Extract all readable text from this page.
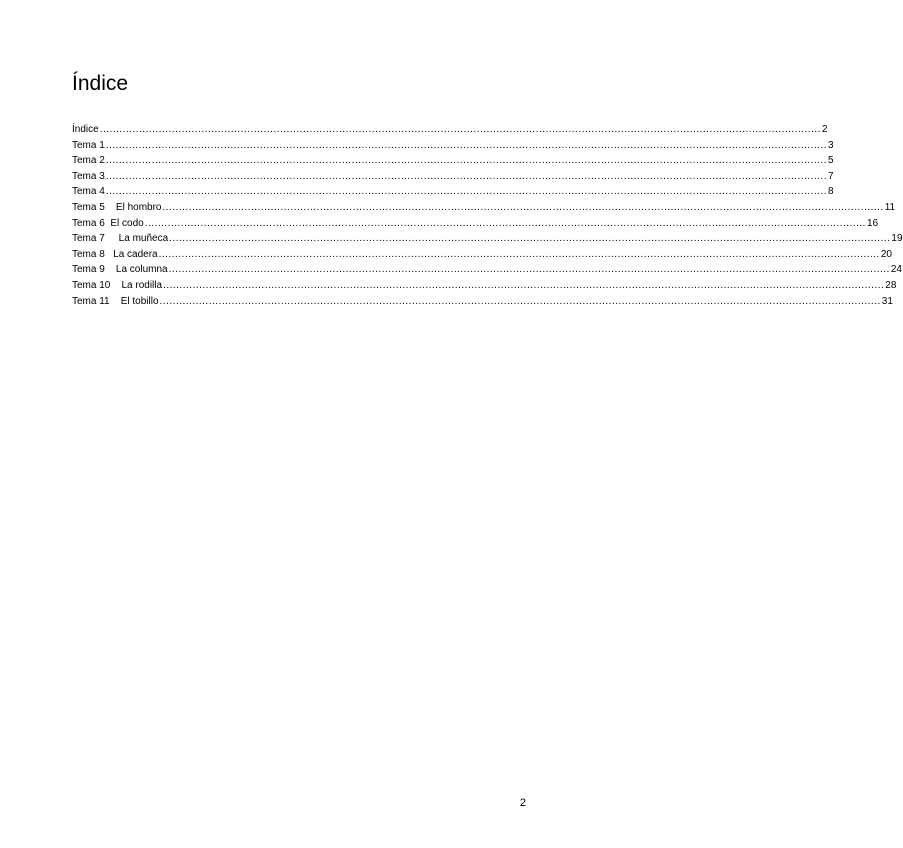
Índice
Índice ............................................................................................................................................................................................................................ 2
Tema 1 ............................................................................................................................................................................................................................ 3
Tema 2 ............................................................................................................................................................................................................................ 5
Tema 3 ............................................................................................................................................................................................................................ 7
Tema 4 ............................................................................................................................................................................................................................ 8
Tema 5    El hombro ............................................................................................................................................................................................................................ 11
Tema 6  El codo ............................................................................................................................................................................................................................ 16
Tema 7     La muñeca ............................................................................................................................................................................................................................ 19
Tema 8   La cadera ............................................................................................................................................................................................................................ 20
Tema 9    La columna ............................................................................................................................................................................................................................ 24
Tema 10    La rodilla ............................................................................................................................................................................................................................ 28
Tema 11    El tobillo ............................................................................................................................................................................................................................ 31
2
